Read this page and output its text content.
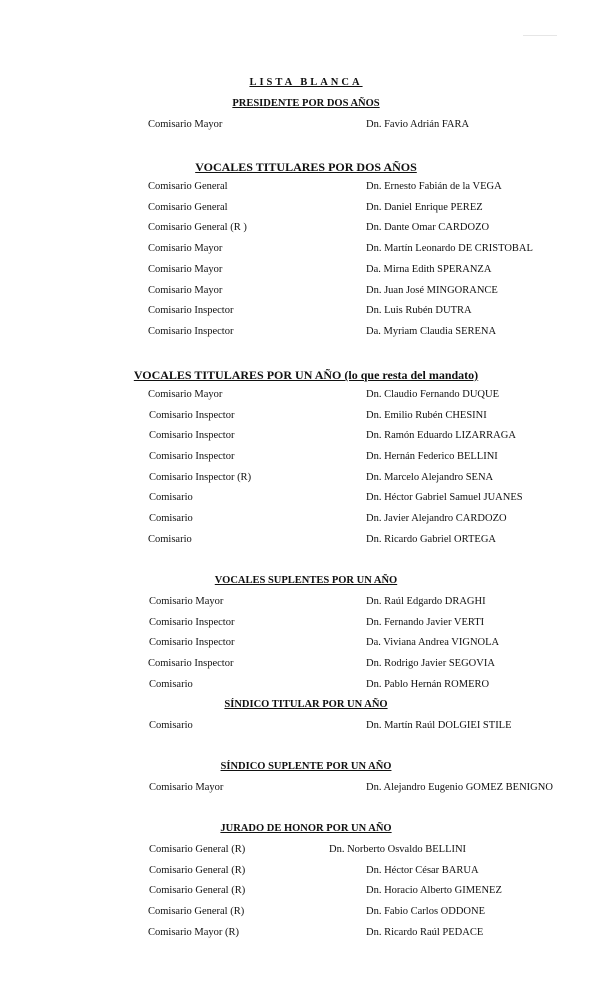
LISTA BLANCA
PRESIDENTE POR DOS AÑOS
Comisario Mayor	Dn. Favio Adrián FARA
VOCALES TITULARES POR DOS AÑOS
Comisario General	Dn. Ernesto Fabián de la VEGA
Comisario General	Dn. Daniel Enrique PEREZ
Comisario General (R )	Dn. Dante Omar CARDOZO
Comisario Mayor	Dn. Martín Leonardo DE CRISTOBAL
Comisario Mayor	Da. Mirna Edith SPERANZA
Comisario Mayor	Dn. Juan José MINGORANCE
Comisario Inspector	Dn. Luis Rubén DUTRA
Comisario Inspector	Da. Myriam Claudia SERENA
VOCALES TITULARES POR UN AÑO (lo que resta del mandato)
Comisario Mayor	Dn. Claudio Fernando DUQUE
Comisario Inspector	Dn. Emilio Rubén CHESINI
Comisario Inspector	Dn. Ramón Eduardo LIZARRAGA
Comisario Inspector	Dn. Hernán Federico BELLINI
Comisario Inspector (R)	Dn. Marcelo Alejandro SENA
Comisario	Dn. Héctor Gabriel Samuel JUANES
Comisario	Dn. Javier Alejandro CARDOZO
Comisario	Dn. Ricardo Gabriel ORTEGA
VOCALES SUPLENTES POR UN AÑO
Comisario Mayor	Dn. Raúl Edgardo DRAGHI
Comisario Inspector	Dn. Fernando Javier VERTI
Comisario Inspector	Da. Viviana Andrea VIGNOLA
Comisario Inspector	Dn. Rodrigo Javier SEGOVIA
Comisario	Dn. Pablo Hernán ROMERO
SÍNDICO TITULAR POR UN AÑO
Comisario	Dn. Martín Raúl DOLGIEI STILE
SÍNDICO SUPLENTE POR UN AÑO
Comisario Mayor	Dn. Alejandro Eugenio GOMEZ BENIGNO
JURADO DE HONOR POR UN AÑO
Comisario General (R)	Dn. Norberto Osvaldo BELLINI
Comisario General (R)	Dn. Héctor César BARUA
Comisario General (R)	Dn. Horacio Alberto GIMENEZ
Comisario General (R)	Dn. Fabio Carlos ODDONE
Comisario Mayor (R)	Dn. Ricardo Raúl PEDACE
